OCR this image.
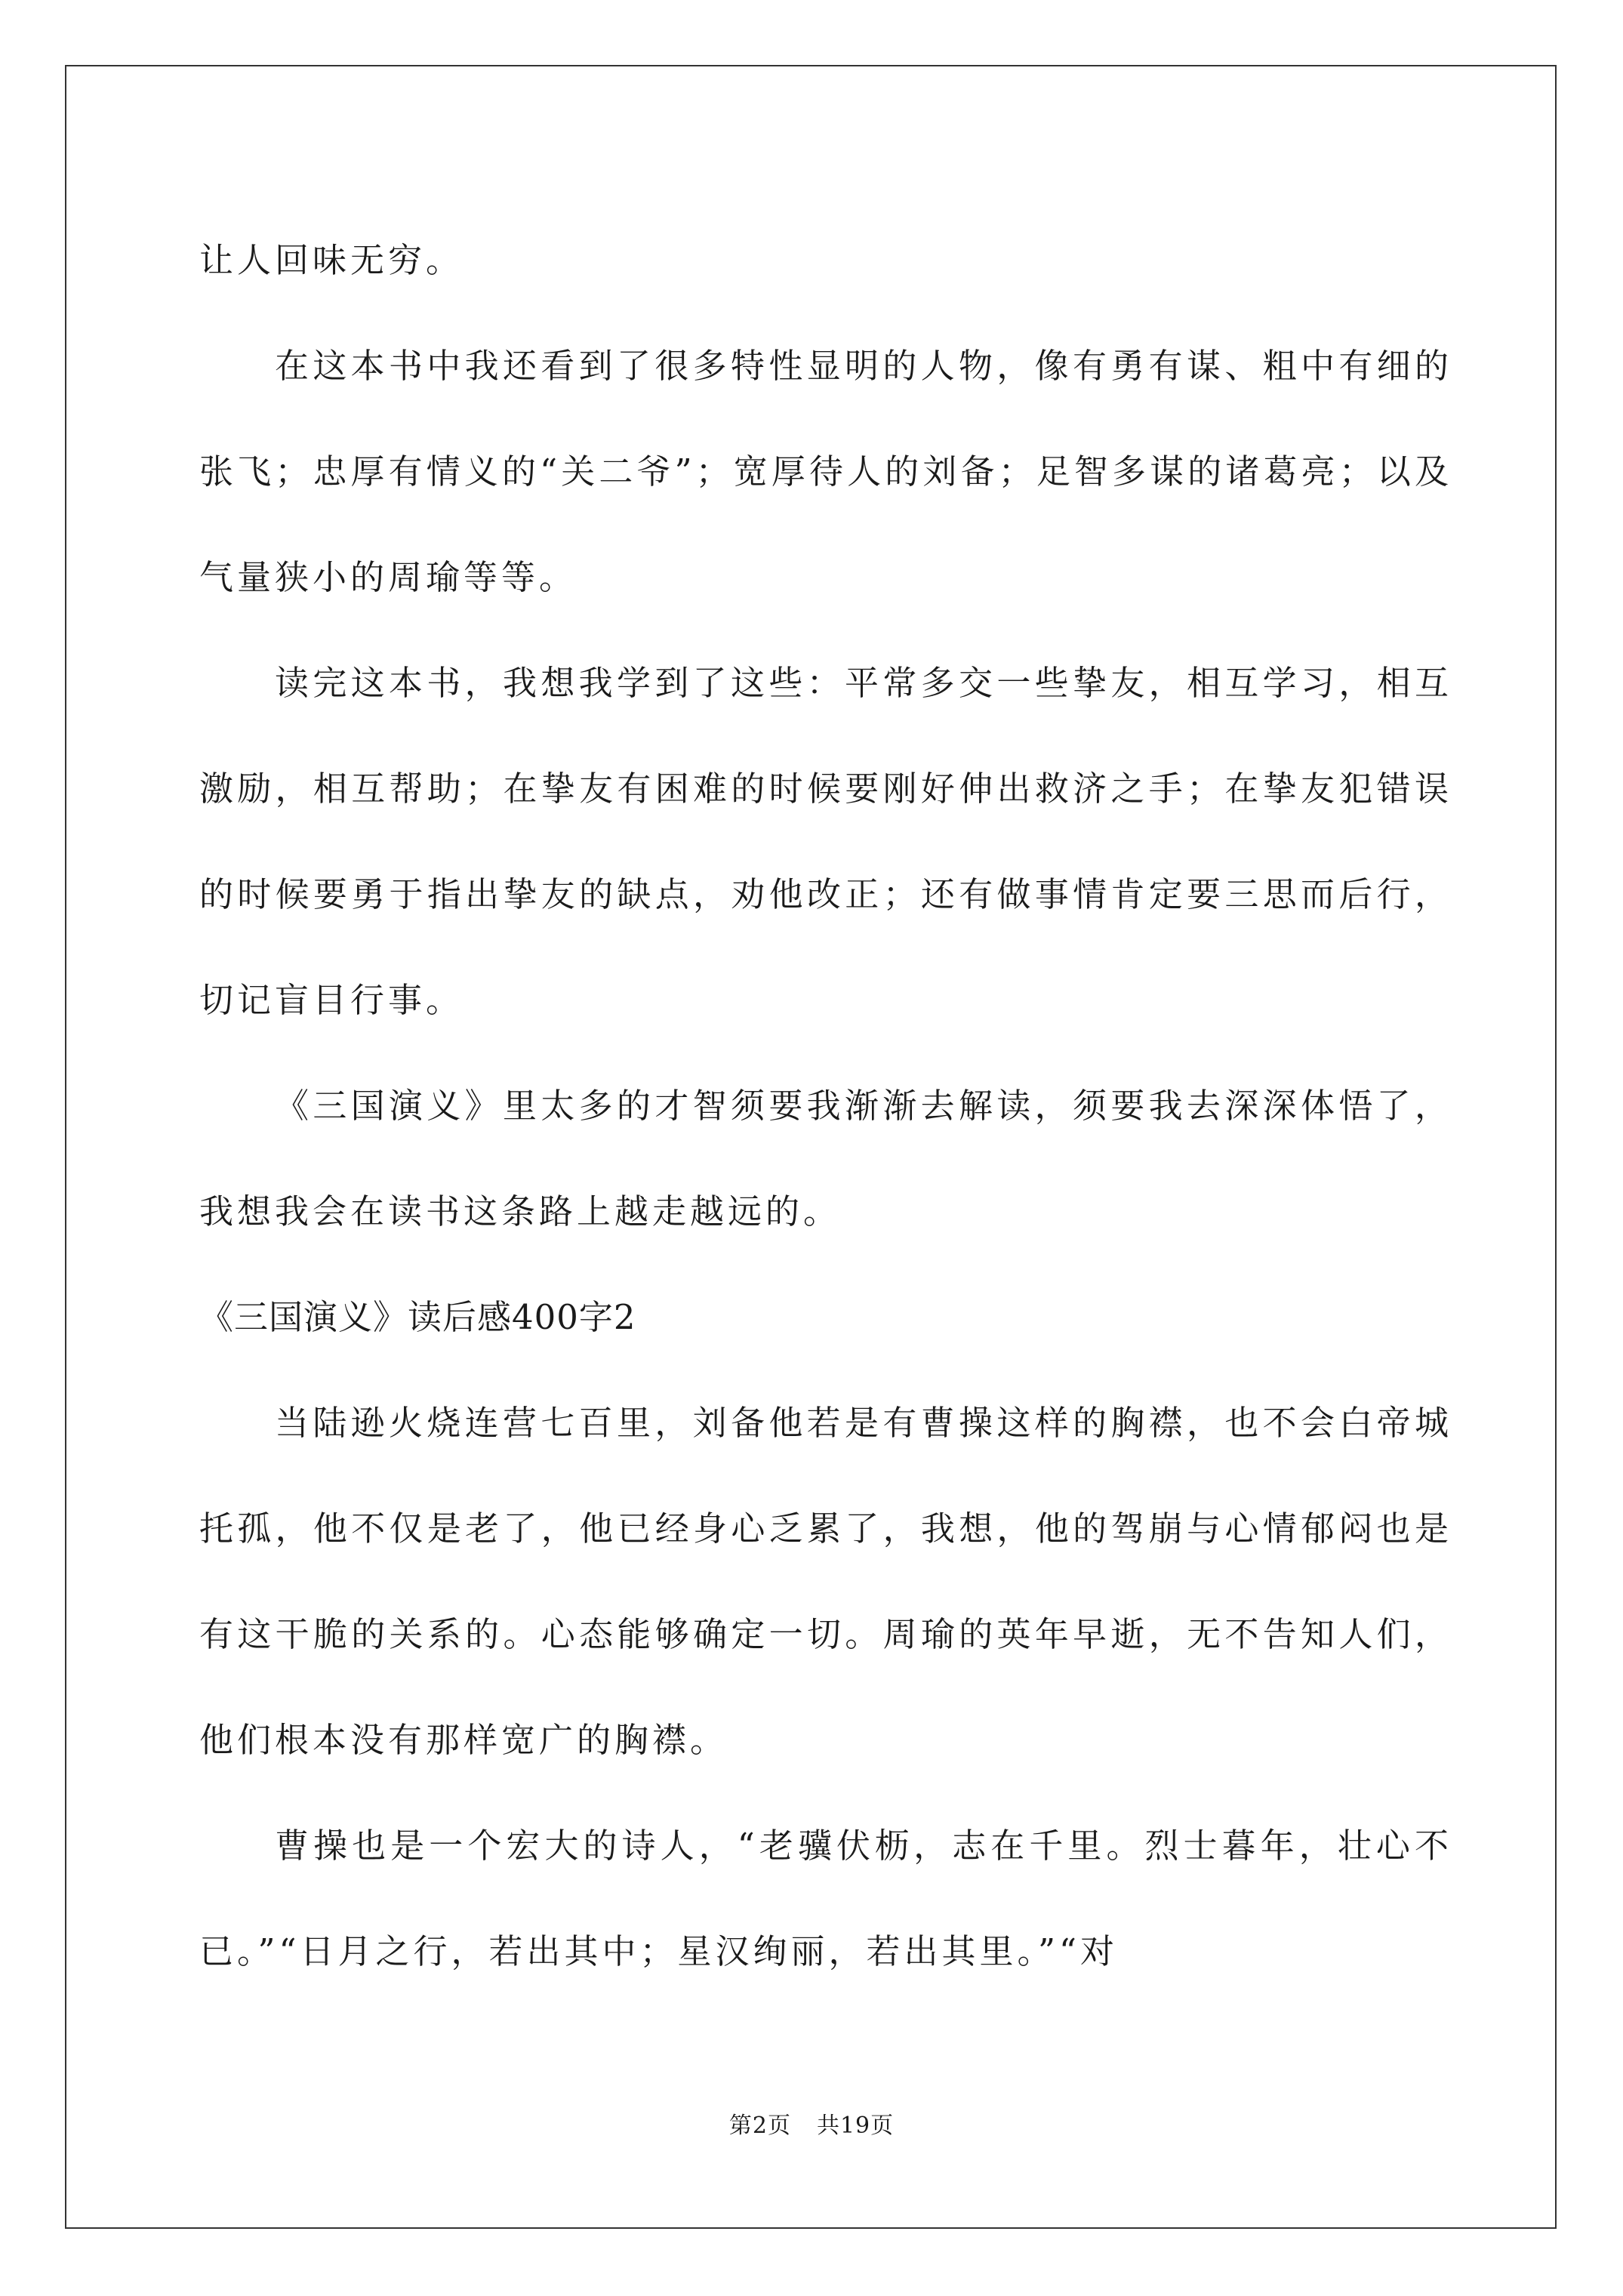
让人回味无穷。

在这本书中我还看到了很多特性显明的人物，像有勇有谋、粗中有细的张飞；忠厚有情义的“关二爷”；宽厚待人的刘备；足智多谋的诸葛亮；以及气量狭小的周瑜等等。

读完这本书，我想我学到了这些：平常多交一些挚友，相互学习，相互激励，相互帮助；在挚友有困难的时候要刚好伸出救济之手；在挚友犯错误的时候要勇于指出挚友的缺点，劝他改正；还有做事情肯定要三思而后行，切记盲目行事。

《三国演义》里太多的才智须要我渐渐去解读，须要我去深深体悟了，我想我会在读书这条路上越走越远的。

《三国演义》读后感400字2

当陆逊火烧连营七百里，刘备他若是有曹操这样的胸襟，也不会白帝城托孤，他不仅是老了，他已经身心乏累了，我想，他的驾崩与心情郁闷也是有这干脆的关系的。心态能够确定一切。周瑜的英年早逝，无不告知人们，他们根本没有那样宽广的胸襟。

曹操也是一个宏大的诗人，“老骥伏枥，志在千里。烈士暮年，壮心不已。”“日月之行，若出其中；星汉绚丽，若出其里。”“对

第2页 共19页
